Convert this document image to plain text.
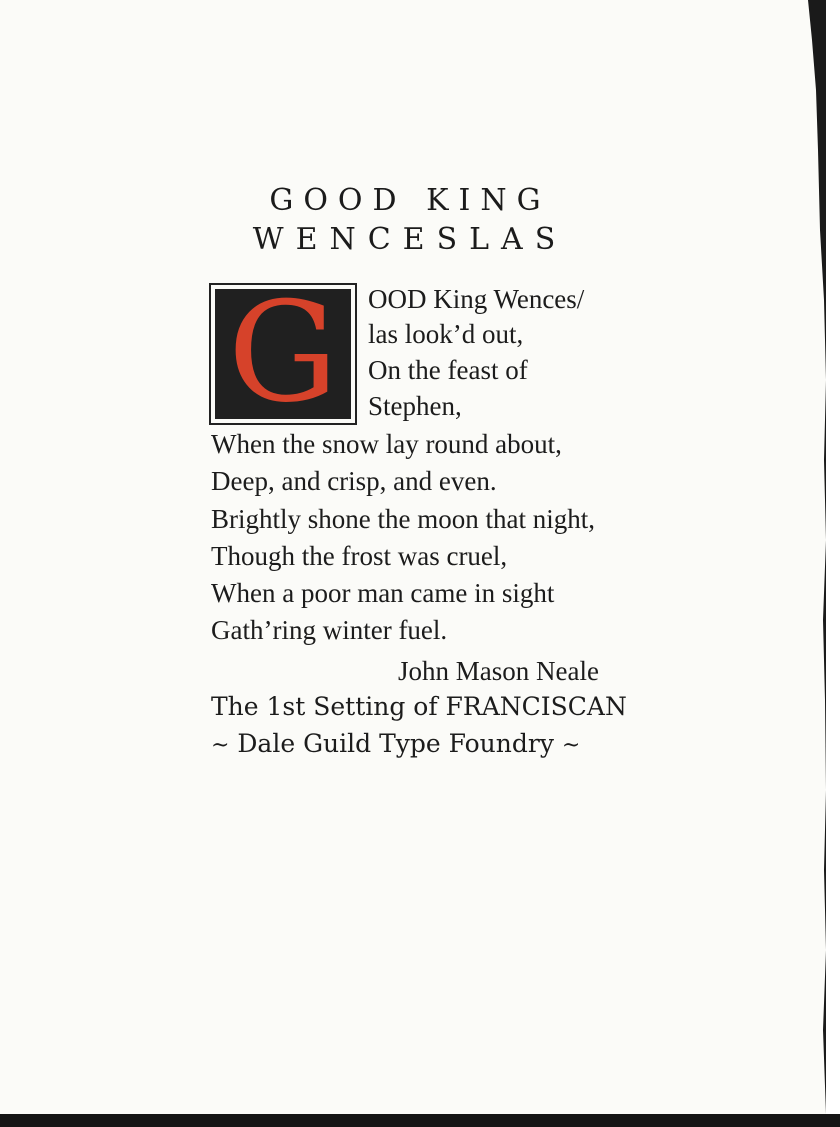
GOOD KING
WENCESLAS
G	OOD King Wences/
las look’d out,
On the feast of
Stephen,
When the snow lay round about,
Deep, and crisp, and even.
Brightly shone the moon that night,
Though the frost was cruel,
When a poor man came in sight
Gath’ring winter fuel.
John Mason Neale
The 1st Setting of FRANCISCAN
~ Dale Guild Type Foundry ~
